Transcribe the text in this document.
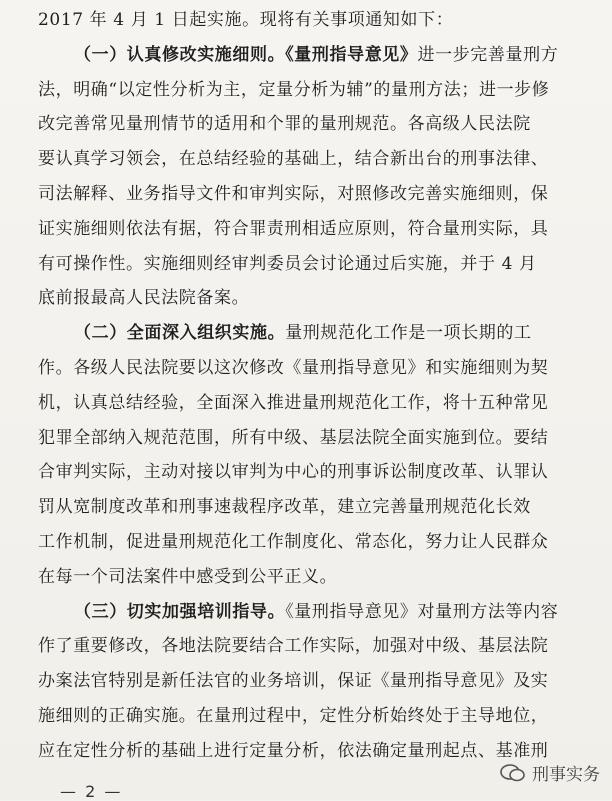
2017 年 4 月 1 日起实施。现将有关事项通知如下：
（一）认真修改实施细则。《量刑指导意见》进一步完善量刑方
法，明确“以定性分析为主，定量分析为辅”的量刑方法；进一步修
改完善常见量刑情节的适用和个罪的量刑规范。各高级人民法院
要认真学习领会，在总结经验的基础上，结合新出台的刑事法律、
司法解释、业务指导文件和审判实际，对照修改完善实施细则，保
证实施细则依法有据，符合罪责刑相适应原则，符合量刑实际，具
有可操作性。实施细则经审判委员会讨论通过后实施，并于 4 月
底前报最高人民法院备案。
（二）全面深入组织实施。量刑规范化工作是一项长期的工
作。各级人民法院要以这次修改《量刑指导意见》和实施细则为契
机，认真总结经验，全面深入推进量刑规范化工作，将十五种常见
犯罪全部纳入规范范围，所有中级、基层法院全面实施到位。要结
合审判实际，主动对接以审判为中心的刑事诉讼制度改革、认罪认
罚从宽制度改革和刑事速裁程序改革，建立完善量刑规范化长效
工作机制，促进量刑规范化工作制度化、常态化，努力让人民群众
在每一个司法案件中感受到公平正义。
（三）切实加强培训指导。《量刑指导意见》对量刑方法等内容
作了重要修改，各地法院要结合工作实际，加强对中级、基层法院
办案法官特别是新任法官的业务培训，保证《量刑指导意见》及实
施细则的正确实施。在量刑过程中，定性分析始终处于主导地位，
应在定性分析的基础上进行定量分析，依法确定量刑起点、基准刑
— 2 —
刑事实务
